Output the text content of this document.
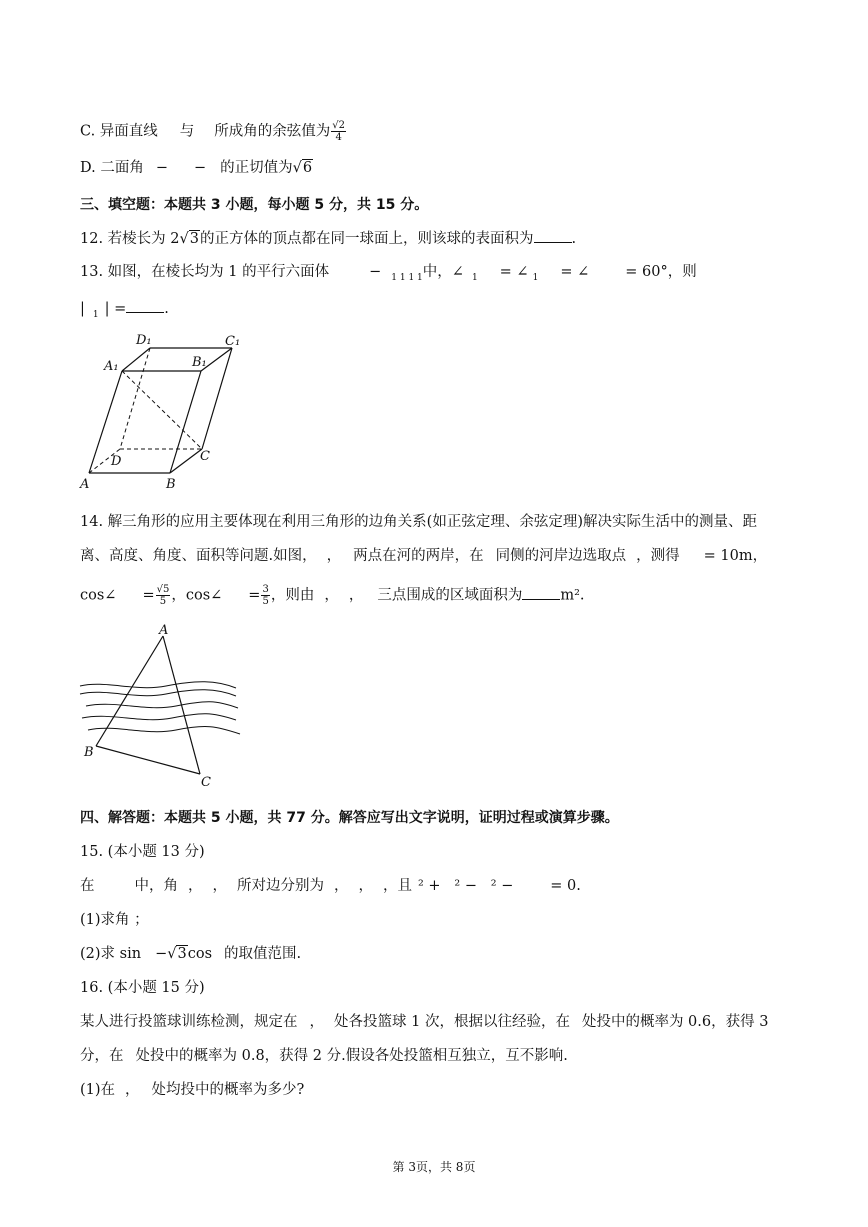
C. 异面直线 与 所成角的余弦值为 $\frac{√2}{4}$
D. 二面角 − − 的正切值为√6
三、填空题：本题共 3 小题，每小题 5 分，共 15 分。
12. 若棱长为 2√3的正方体的顶点都在同一球面上，则该球的表面积为	.
13. 如图，在棱长均为 1 的平行六面体	− $_{1 1 1 1}$中，∠ $_1$ = ∠ $_1$ = ∠ = 60°，则
| $_1$ | =	.
D₁	C₁
A₁	B₁
D	C
A	B
14. 解三角形的应用主要体现在利用三角形的边角关系(如正弦定理、余弦定理)解决实际生活中的测量、距
离、高度、角度、面积等问题.如图， ， 两点在河的两岸，在 同侧的河岸边选取点 ，测得 = 10m，
cos∠ = $\frac{√5}{5}$ ，cos∠ = $\frac{3}{5}$ ，则由 ， ， 三点围成的区域面积为	m².
A
B
C
四、解答题：本题共 5 小题，共 77 分。解答应写出文字说明，证明过程或演算步骤。
15. (本小题 13 分)
在	中，角 ， ， 所对边分别为 ， ， ，且 ² +   ² −   ² −        = 0.
(1)求角 ；
(2)求 sin −√3cos 的取值范围.
16. (本小题 15 分)
某人进行投篮球训练检测，规定在 ， 处各投篮球 1 次，根据以往经验，在 处投中的概率为 0.6，获得 3
分，在 处投中的概率为 0.8，获得 2 分.假设各处投篮相互独立，互不影响.
(1)在 ， 处均投中的概率为多少?
第 3页，共 8页
